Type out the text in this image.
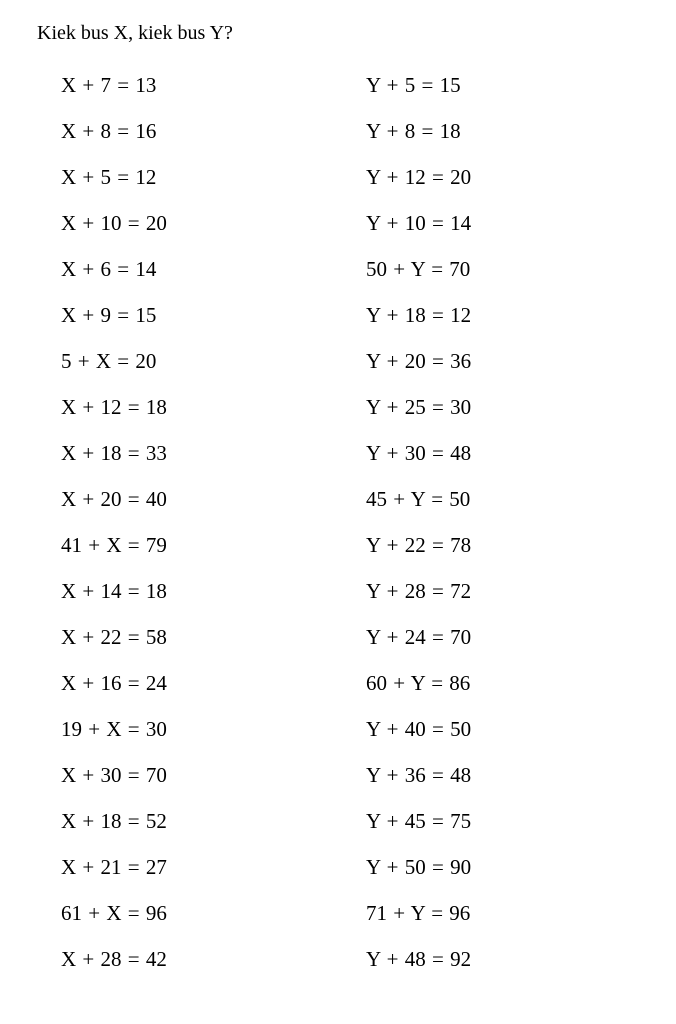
Kiek bus X, kiek bus Y?
X + 7 = 13
X + 8 = 16
X + 5 = 12
X + 10 = 20
X + 6 = 14
X + 9 = 15
5 + X = 20
X + 12 = 18
X + 18 = 33
X + 20 = 40
41 + X = 79
X + 14 = 18
X + 22 = 58
X + 16 = 24
19 + X = 30
X + 30 = 70
X + 18 = 52
X + 21 = 27
61 + X = 96
X + 28 = 42
Y + 5 = 15
Y + 8 = 18
Y + 12 = 20
Y + 10 = 14
50 + Y = 70
Y + 18 = 12
Y + 20 = 36
Y + 25 = 30
Y + 30 = 48
45 + Y = 50
Y + 22 = 78
Y + 28 = 72
Y + 24 = 70
60 + Y = 86
Y + 40 = 50
Y + 36 = 48
Y + 45 = 75
Y + 50 = 90
71 + Y = 96
Y + 48 = 92
